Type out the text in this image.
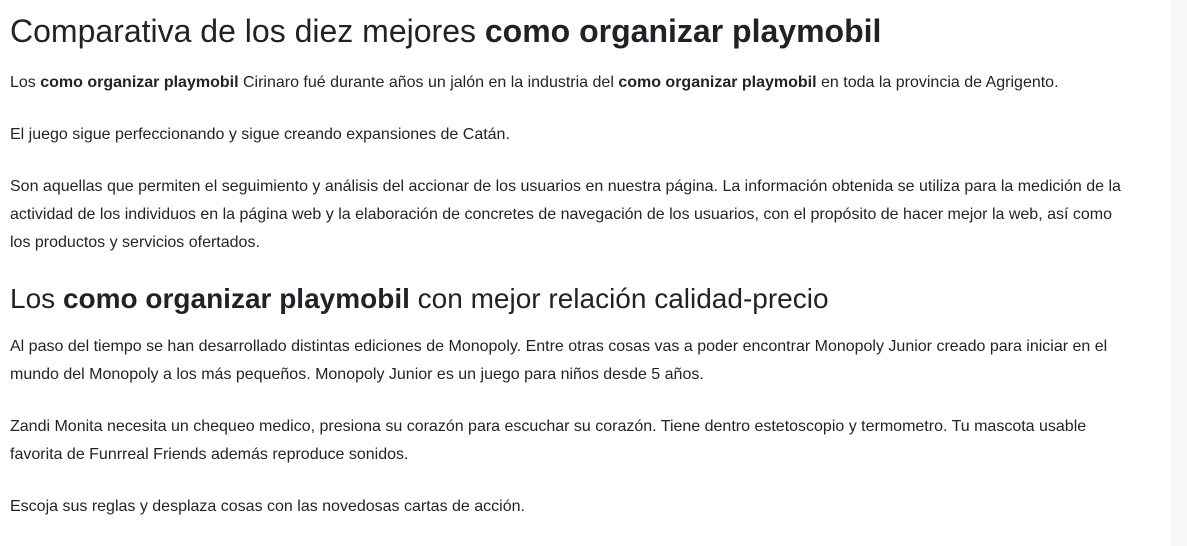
Comparativa de los diez mejores como organizar playmobil

Los como organizar playmobil Cirinaro fué durante años un jalón en la industria del como organizar playmobil en toda la provincia de Agrigento.

El juego sigue perfeccionando y sigue creando expansiones de Catán.

Son aquellas que permiten el seguimiento y análisis del accionar de los usuarios en nuestra página. La información obtenida se utiliza para la medición de la actividad de los individuos en la página web y la elaboración de concretes de navegación de los usuarios, con el propósito de hacer mejor la web, así como los productos y servicios ofertados.

Los como organizar playmobil con mejor relación calidad-precio

Al paso del tiempo se han desarrollado distintas ediciones de Monopoly. Entre otras cosas vas a poder encontrar Monopoly Junior creado para iniciar en el mundo del Monopoly a los más pequeños. Monopoly Junior es un juego para niños desde 5 años.

Zandi Monita necesita un chequeo medico, presiona su corazón para escuchar su corazón. Tiene dentro estetoscopio y termometro. Tu mascota usable favorita de Funrreal Friends además reproduce sonidos.

Escoja sus reglas y desplaza cosas con las novedosas cartas de acción.
